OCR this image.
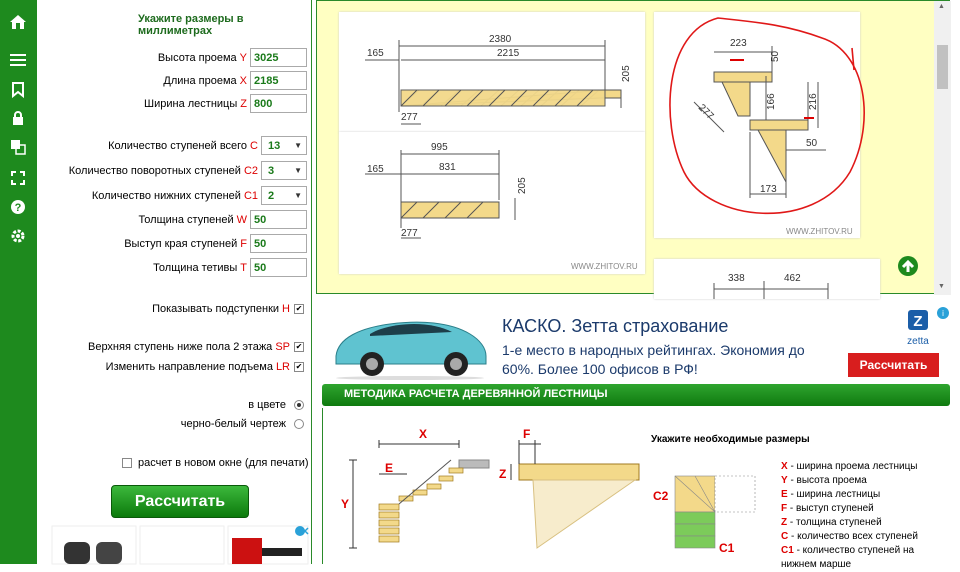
?
Укажите размеры в миллиметрах
Высота проема Y
3025
Длина проема X
2185
Ширина лестницы Z
800
Количество ступеней всего C 13 ▼
Количество поворотных ступеней C2 3 ▼
Количество нижних ступеней C1 2 ▼
Толщина ступеней W
50
Выступ края ступеней F
50
Толщина тетивы T
50
Показывать подступенки H
✔
Верхняя ступень ниже пола 2 этажа SP
✔
Изменить направление подъема LR
✔
в цвете
черно-белый чертеж
расчет в новом окне (для печати)
Рассчитать
2380
2215
165
205
277
995
831
165
205
277
WWW.ZHITOV.RU
223
50
166	216
277
50
173
WWW.ZHITOV.RU
338	462
▲
▼
КАСКО. Зетта страхование
1-е место в народных рейтингах. Экономия до 60%. Более 100 офисов в РФ!
Z
zetta
i
Рассчитать
МЕТОДИКА РАСЧЕТА ДЕРЕВЯННОЙ ЛЕСТНИЦЫ
X
E
Y
F
Z
Укажите необходимые размеры
C2
C1
X - ширина проема лестницы
Y - высота проема
E - ширина лестницы
F - выступ ступеней
Z - толщина ступеней
C - количество всех ступеней
C1 - количество ступеней на нижнем марше
